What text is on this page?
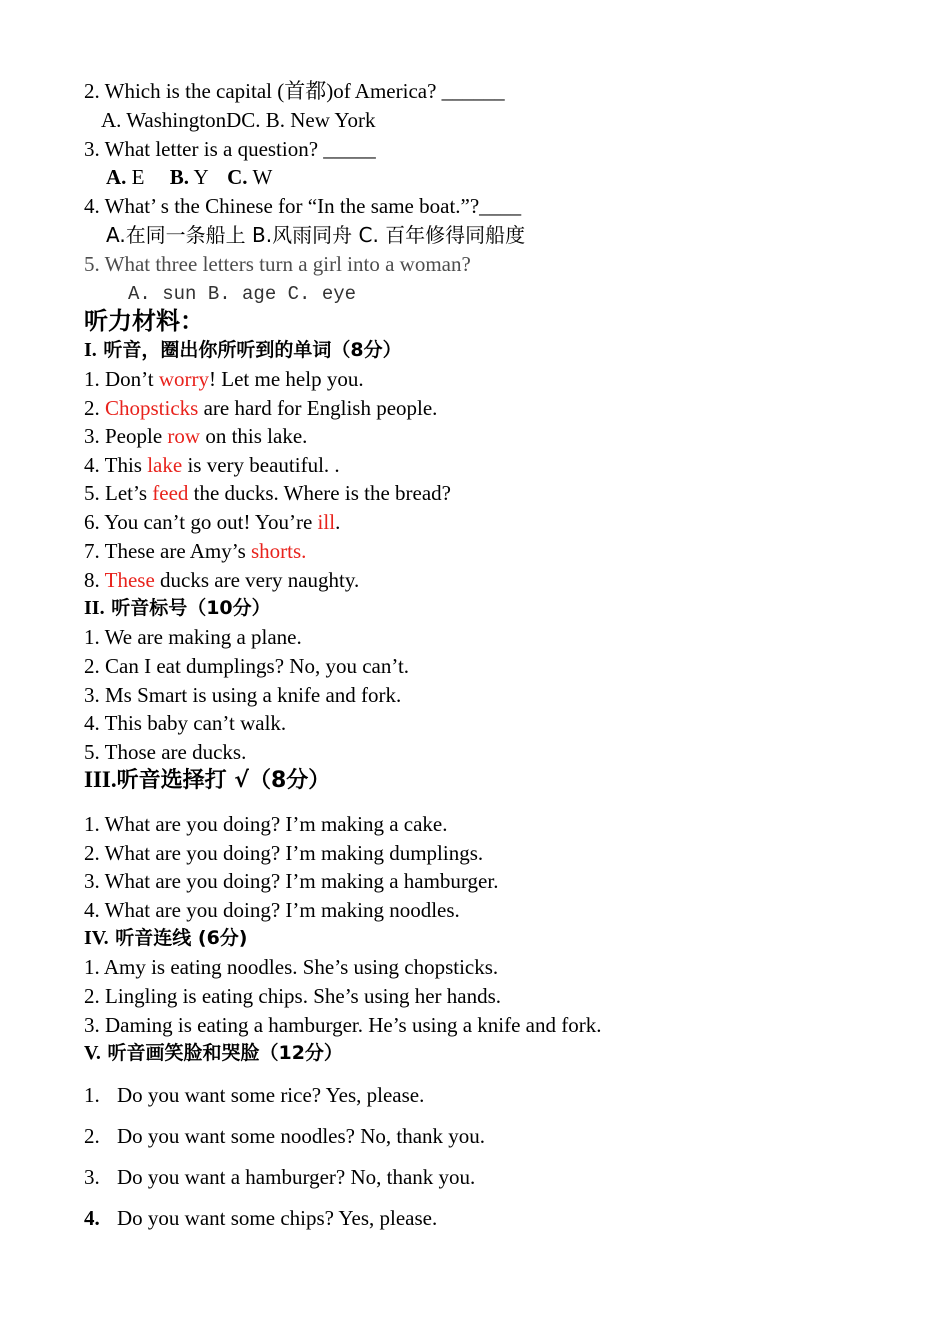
2. Which is the capital (首都)of America? ______
A. WashingtonDC. B. New York
3. What letter is a question? _____
A. E B. Y C. W
4. What’ s the Chinese for “In the same boat.”?____
A.在同一条船上 B.风雨同舟 C. 百年修得同船度
5. What three letters turn a girl into a woman?
A. sun B. age C. eye
听力材料：
I. 听音，圈出你所听到的单词（8分）
1. Don’t worry! Let me help you.
2. Chopsticks are hard for English people.
3. People row on this lake.
4. This lake is very beautiful. .
5. Let’s feed the ducks. Where is the bread?
6. You can’t go out! You’re ill.
7. These are Amy’s shorts.
8. These ducks are very naughty.
II. 听音标号（10分）
1. We are making a plane.
2. Can I eat dumplings? No, you can’t.
3. Ms Smart is using a knife and fork.
4. This baby can’t walk.
5. Those are ducks.
III.听音选择打 √（8分）
1. What are you doing? I’m making a cake.
2. What are you doing? I’m making dumplings.
3. What are you doing? I’m making a hamburger.
4. What are you doing? I’m making noodles.
IV. 听音连线 (6分)
1. Amy is eating noodles. She’s using chopsticks.
2. Lingling is eating chips. She’s using her hands.
3. Daming is eating a hamburger. He’s using a knife and fork.
V. 听音画笑脸和哭脸（12分）
1. Do you want some rice? Yes, please.
2. Do you want some noodles? No, thank you.
3. Do you want a hamburger? No, thank you.
4. Do you want some chips? Yes, please.
